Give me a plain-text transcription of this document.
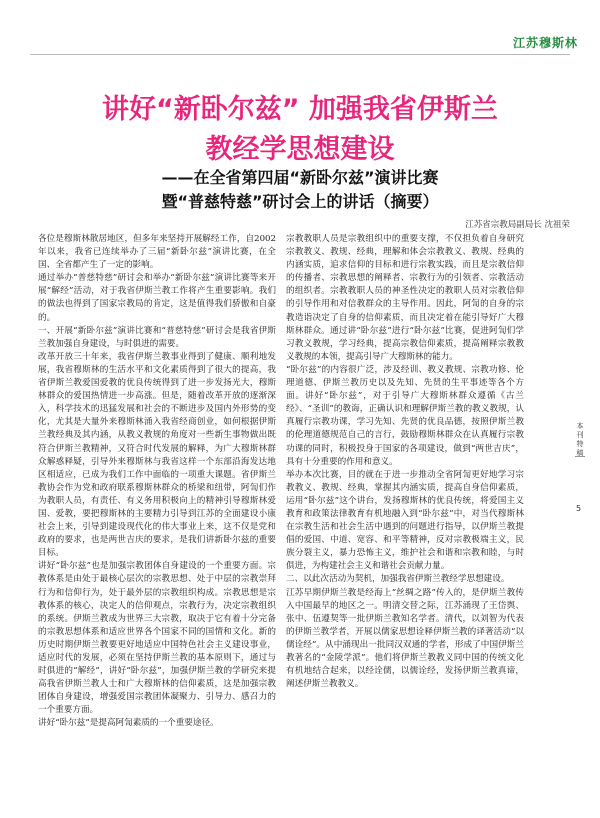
江苏穆斯林
讲好“新卧尔兹” 加强我省伊斯兰
教经学思想建设
——在全省第四届“新卧尔兹”演讲比赛
暨“普慈特慈”研讨会上的讲话（摘要）
江苏省宗教局副局长 沈祖荣

各位是穆斯林散居地区，但多年来坚持开展解经工作，自2002年以来，我省已连续举办了三届“新卧尔兹”演讲比赛，在全国、全省都产生了一定的影响。

通过举办“普慈特慈”研讨会和举办“新卧尔兹”演讲比赛等来开展“解经”活动，对于我省伊斯兰教工作将产生重要影响。我们的做法也得到了国家宗教局的肯定，这是值得我们骄傲和自豪的。

一、开展“新卧尔兹”演讲比赛和“普慈特慈”研讨会是我省伊斯兰教加强自身建设，与时俱进的需要。

改革开放三十年来，我省伊斯兰教事业得到了健康、顺利地发展，我省穆斯林的生活水平和文化素质得到了很大的提高，我省伊斯兰教爱国爱教的优良传统得到了进一步发扬光大，穆斯林群众的爱国热情进一步高涨。但是，随着改革开放的逐渐深入，科学技术的迅猛发展和社会的不断进步及国内外形势的变化，尤其是大量外来穆斯林涌入我省经商创业，如何根据伊斯兰教经典及其内涵，从教义教规的角度对一些新生事物做出既符合伊斯兰教精神，又符合时代发展的解释，为广大穆斯林群众解惑释疑，引导外来穆斯林与我省这样一个东部沿海发达地区相适应，已成为我们工作中面临的一项重大课题。省伊斯兰教协会作为党和政府联系穆斯林群众的桥梁和纽带，阿訇们作为教职人员，有责任、有义务用积极向上的精神引导穆斯林爱国、爱教，要把穆斯林的主要精力引导到江苏的全面建设小康社会上来，引导到建设现代化的伟大事业上来，这不仅是党和政府的要求，也是两世吉庆的要求，是我们讲新卧尔兹的重要目标。

讲好“卧尔兹”也是加强宗教团体自身建设的一个重要方面。宗教体系是由处于最核心层次的宗教思想、处于中层的宗教崇拜行为和信仰行为，处于最外层的宗教组织构成。宗教思想是宗教体系的核心，决定人的信仰观点，宗教行为，决定宗教组织的系统。伊斯兰教成为世界三大宗教，取决于它有着十分完备的宗教思想体系和适应世界各个国家不同的国情和文化。新的历史时期伊斯兰教要更好地适应中国特色社会主义建设事业，适应时代的发展，必须在坚持伊斯兰教的基本原则下，通过与时俱进的“解经”，讲好“卧尔兹”，加强伊斯兰教的学研究来提高我省伊斯兰教人士和广大穆斯林的信仰素质，这是加强宗教团体自身建设，增强爱国宗教团体凝聚力、引导力、感召力的一个重要方面。

讲好“卧尔兹”是提高阿訇素质的一个重要途径。

宗教教职人员是宗教组织中的重要支撑，不仅担负着自身研究宗教教义、教规、经典，理解和体会宗教教义、教规、经典的内涵实质，追求信仰的目标和进行宗教实践，而且是宗教信仰的传播者、宗教思想的阐释者、宗教行为的引领者、宗教活动的组织者。宗教教职人员的神圣性决定的教职人员对宗教信仰的引导作用和对信教群众的主导作用。因此，阿訇的自身的宗教造诣决定了自身的信仰素质，而且决定着在能引导好广大穆斯林群众。通过讲“卧尔兹”进行“卧尔兹”比赛，促进阿訇们学习教义教规，学习经典，提高宗教信仰素质，提高阐释宗教教义教规的本领，提高引导广大穆斯林的能力。

“卧尔兹”的内容很广泛，涉及经训、教义教规、宗教功修、伦理道德、伊斯兰教历史以及先知、先贤的生平事迹等各个方面。讲好“卧尔兹”，对于引导广大穆斯林群众遵循《古兰经》、“圣训”的教诲，正确认识和理解伊斯兰教的教义教规，认真履行宗教功课，学习先知、先贤的优良品德，按照伊斯兰教的伦理道德规范自己的言行，鼓励穆斯林群众在认真履行宗教功课的同时，积极投身于国家的各项建设，做到“两世吉庆”，具有十分重要的作用和意义。

举办本次比赛，目的就在于进一步推动全省阿訇更好地学习宗教教义、教规、经典，掌握其内涵实质，提高自身信仰素质，运用“卧尔兹”这个讲台，发扬穆斯林的优良传统，将爱国主义教育和政策法律教育有机地融入到“卧尔兹”中，对当代穆斯林在宗教生活和社会生活中遇到的问题进行指导，以伊斯兰教提倡的爱国、中道、宽容、和平等精神，反对宗教极端主义，民族分裂主义，暴力恐怖主义，维护社会和谐和宗教和睦，与时俱进，为构建社会主义和谐社会贡献力量。

二、以此次活动为契机，加强我省伊斯兰教经学思想建设。

江苏早期伊斯兰教是经海上“丝绸之路”传入的，是伊斯兰教传入中国最早的地区之一。明清交替之际，江苏涌现了王岱舆、张中、伍遵契等一批伊斯兰教知名学者。清代，以刘智为代表的伊斯兰教学者，开展以儒家思想诠释伊斯兰教的译著活动“以儒诠经”。从中涌现出一批同汉双通的学者，形成了中国伊斯兰教著名的“金陵学派”。他们将伊斯兰教教义同中国的传统文化有机地结合起来，以经诠儒，以儒诠经，发扬伊斯兰教真谛，阐述伊斯兰教教义。

本刊特稿
5
